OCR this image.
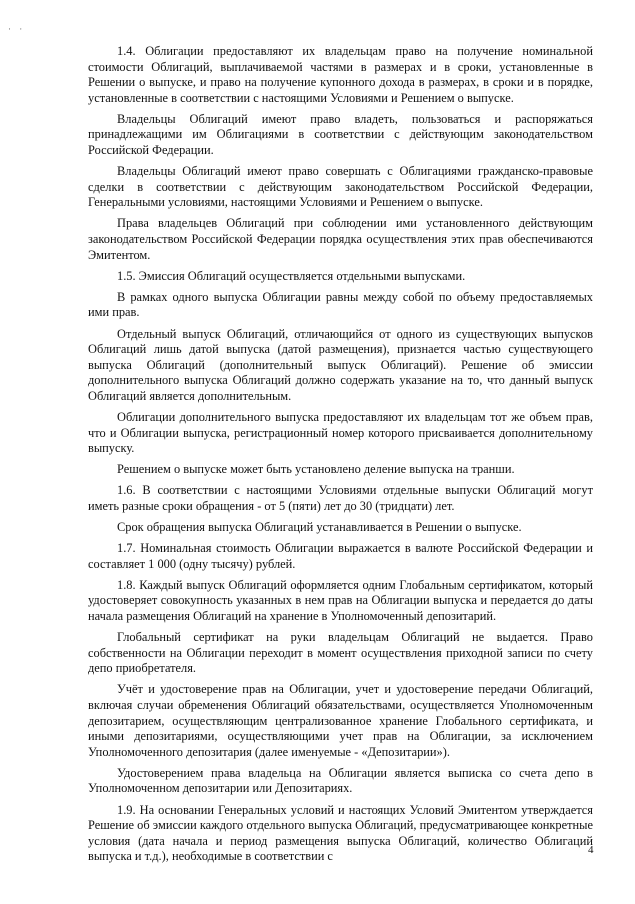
· ·

1.4. Облигации предоставляют их владельцам право на получение номинальной стоимости Облигаций, выплачиваемой частями в размерах и в сроки, установленные в Решении о выпуске, и право на получение купонного дохода в размерах, в сроки и в порядке, установленные в соответствии с настоящими Условиями и Решением о выпуске.

Владельцы Облигаций имеют право владеть, пользоваться и распоряжаться принадлежащими им Облигациями в соответствии с действующим законодательством Российской Федерации.

Владельцы Облигаций имеют право совершать с Облигациями гражданско-правовые сделки в соответствии с действующим законодательством Российской Федерации, Генеральными условиями, настоящими Условиями и Решением о выпуске.

Права владельцев Облигаций при соблюдении ими установленного действующим законодательством Российской Федерации порядка осуществления этих прав обеспечиваются Эмитентом.

1.5. Эмиссия Облигаций осуществляется отдельными выпусками.

В рамках одного выпуска Облигации равны между собой по объему предоставляемых ими прав.

Отдельный выпуск Облигаций, отличающийся от одного из существующих выпусков Облигаций лишь датой выпуска (датой размещения), признается частью существующего выпуска Облигаций (дополнительный выпуск Облигаций). Решение об эмиссии дополнительного выпуска Облигаций должно содержать указание на то, что данный выпуск Облигаций является дополнительным.

Облигации дополнительного выпуска предоставляют их владельцам тот же объем прав, что и Облигации выпуска, регистрационный номер которого присваивается дополнительному выпуску.

Решением о выпуске может быть установлено деление выпуска на транши.

1.6. В соответствии с настоящими Условиями отдельные выпуски Облигаций могут иметь разные сроки обращения - от 5 (пяти) лет до 30 (тридцати) лет.

Срок обращения выпуска Облигаций устанавливается в Решении о выпуске.

1.7. Номинальная стоимость Облигации выражается в валюте Российской Федерации и составляет 1 000 (одну тысячу) рублей.

1.8. Каждый выпуск Облигаций оформляется одним Глобальным сертификатом, который удостоверяет совокупность указанных в нем прав на Облигации выпуска и передается до даты начала размещения Облигаций на хранение в Уполномоченный депозитарий.

Глобальный сертификат на руки владельцам Облигаций не выдается. Право собственности на Облигации переходит в момент осуществления приходной записи по счету депо приобретателя.

Учёт и удостоверение прав на Облигации, учет и удостоверение передачи Облигаций, включая случаи обременения Облигаций обязательствами, осуществляется Уполномоченным депозитарием, осуществляющим централизованное хранение Глобального сертификата, и иными депозитариями, осуществляющими учет прав на Облигации, за исключением Уполномоченного депозитария (далее именуемые - «Депозитарии»).

Удостоверением права владельца на Облигации является выписка со счета депо в Уполномоченном депозитарии или Депозитариях.

1.9. На основании Генеральных условий и настоящих Условий Эмитентом утверждается Решение об эмиссии каждого отдельного выпуска Облигаций, предусматривающее конкретные условия (дата начала и период размещения выпуска Облигаций, количество Облигаций выпуска и т.д.), необходимые в соответствии с	4
